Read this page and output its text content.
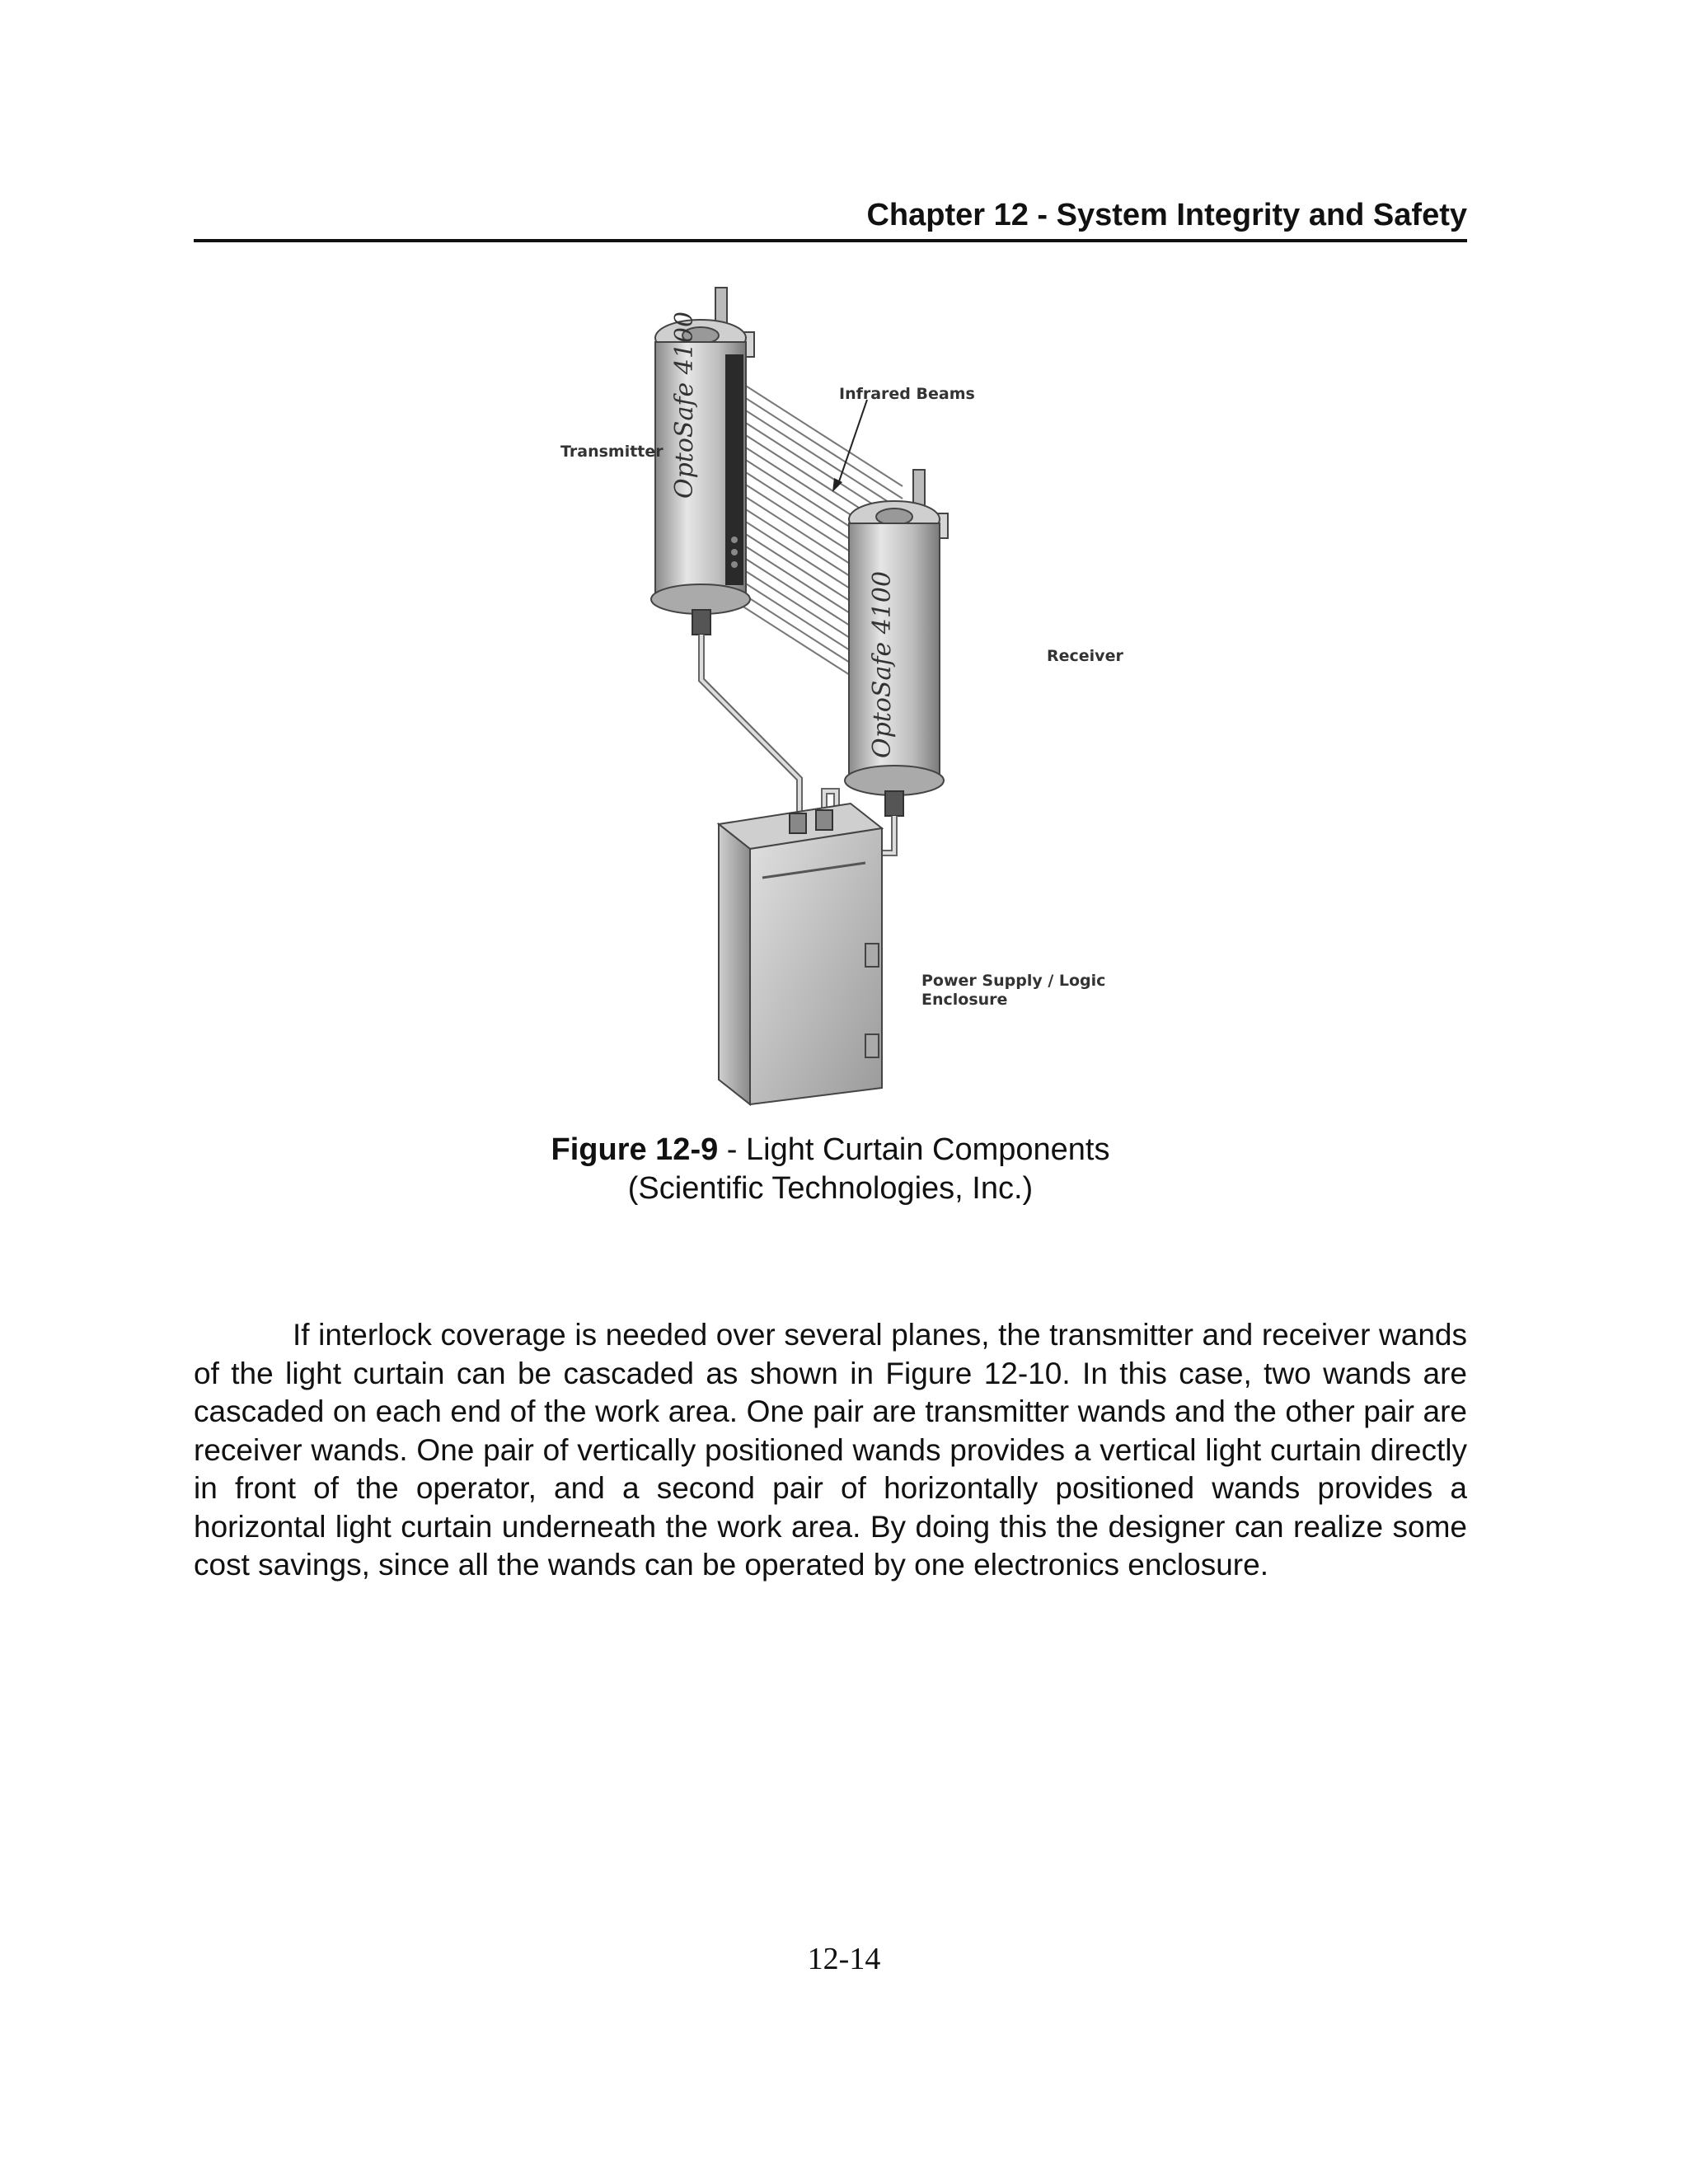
Chapter 12 - System Integrity and Safety
OptoSafe 4100
OptoSafe 4100
Infrared Beams
Transmitter
Receiver
Power Supply / Logic
Enclosure
Figure 12-9 - Light Curtain Components
(Scientific Technologies, Inc.)

If interlock coverage is needed over several planes, the transmitter and receiver wands of the light curtain can be cascaded as shown in Figure 12-10. In this case, two wands are cascaded on each end of the work area. One pair are transmitter wands and the other pair are receiver wands. One pair of vertically positioned wands provides a vertical light curtain directly in front of the operator, and a second pair of horizontally positioned wands provides a horizontal light curtain underneath the work area. By doing this the designer can realize some cost savings, since all the wands can be operated by one electronics enclosure.

12-14
